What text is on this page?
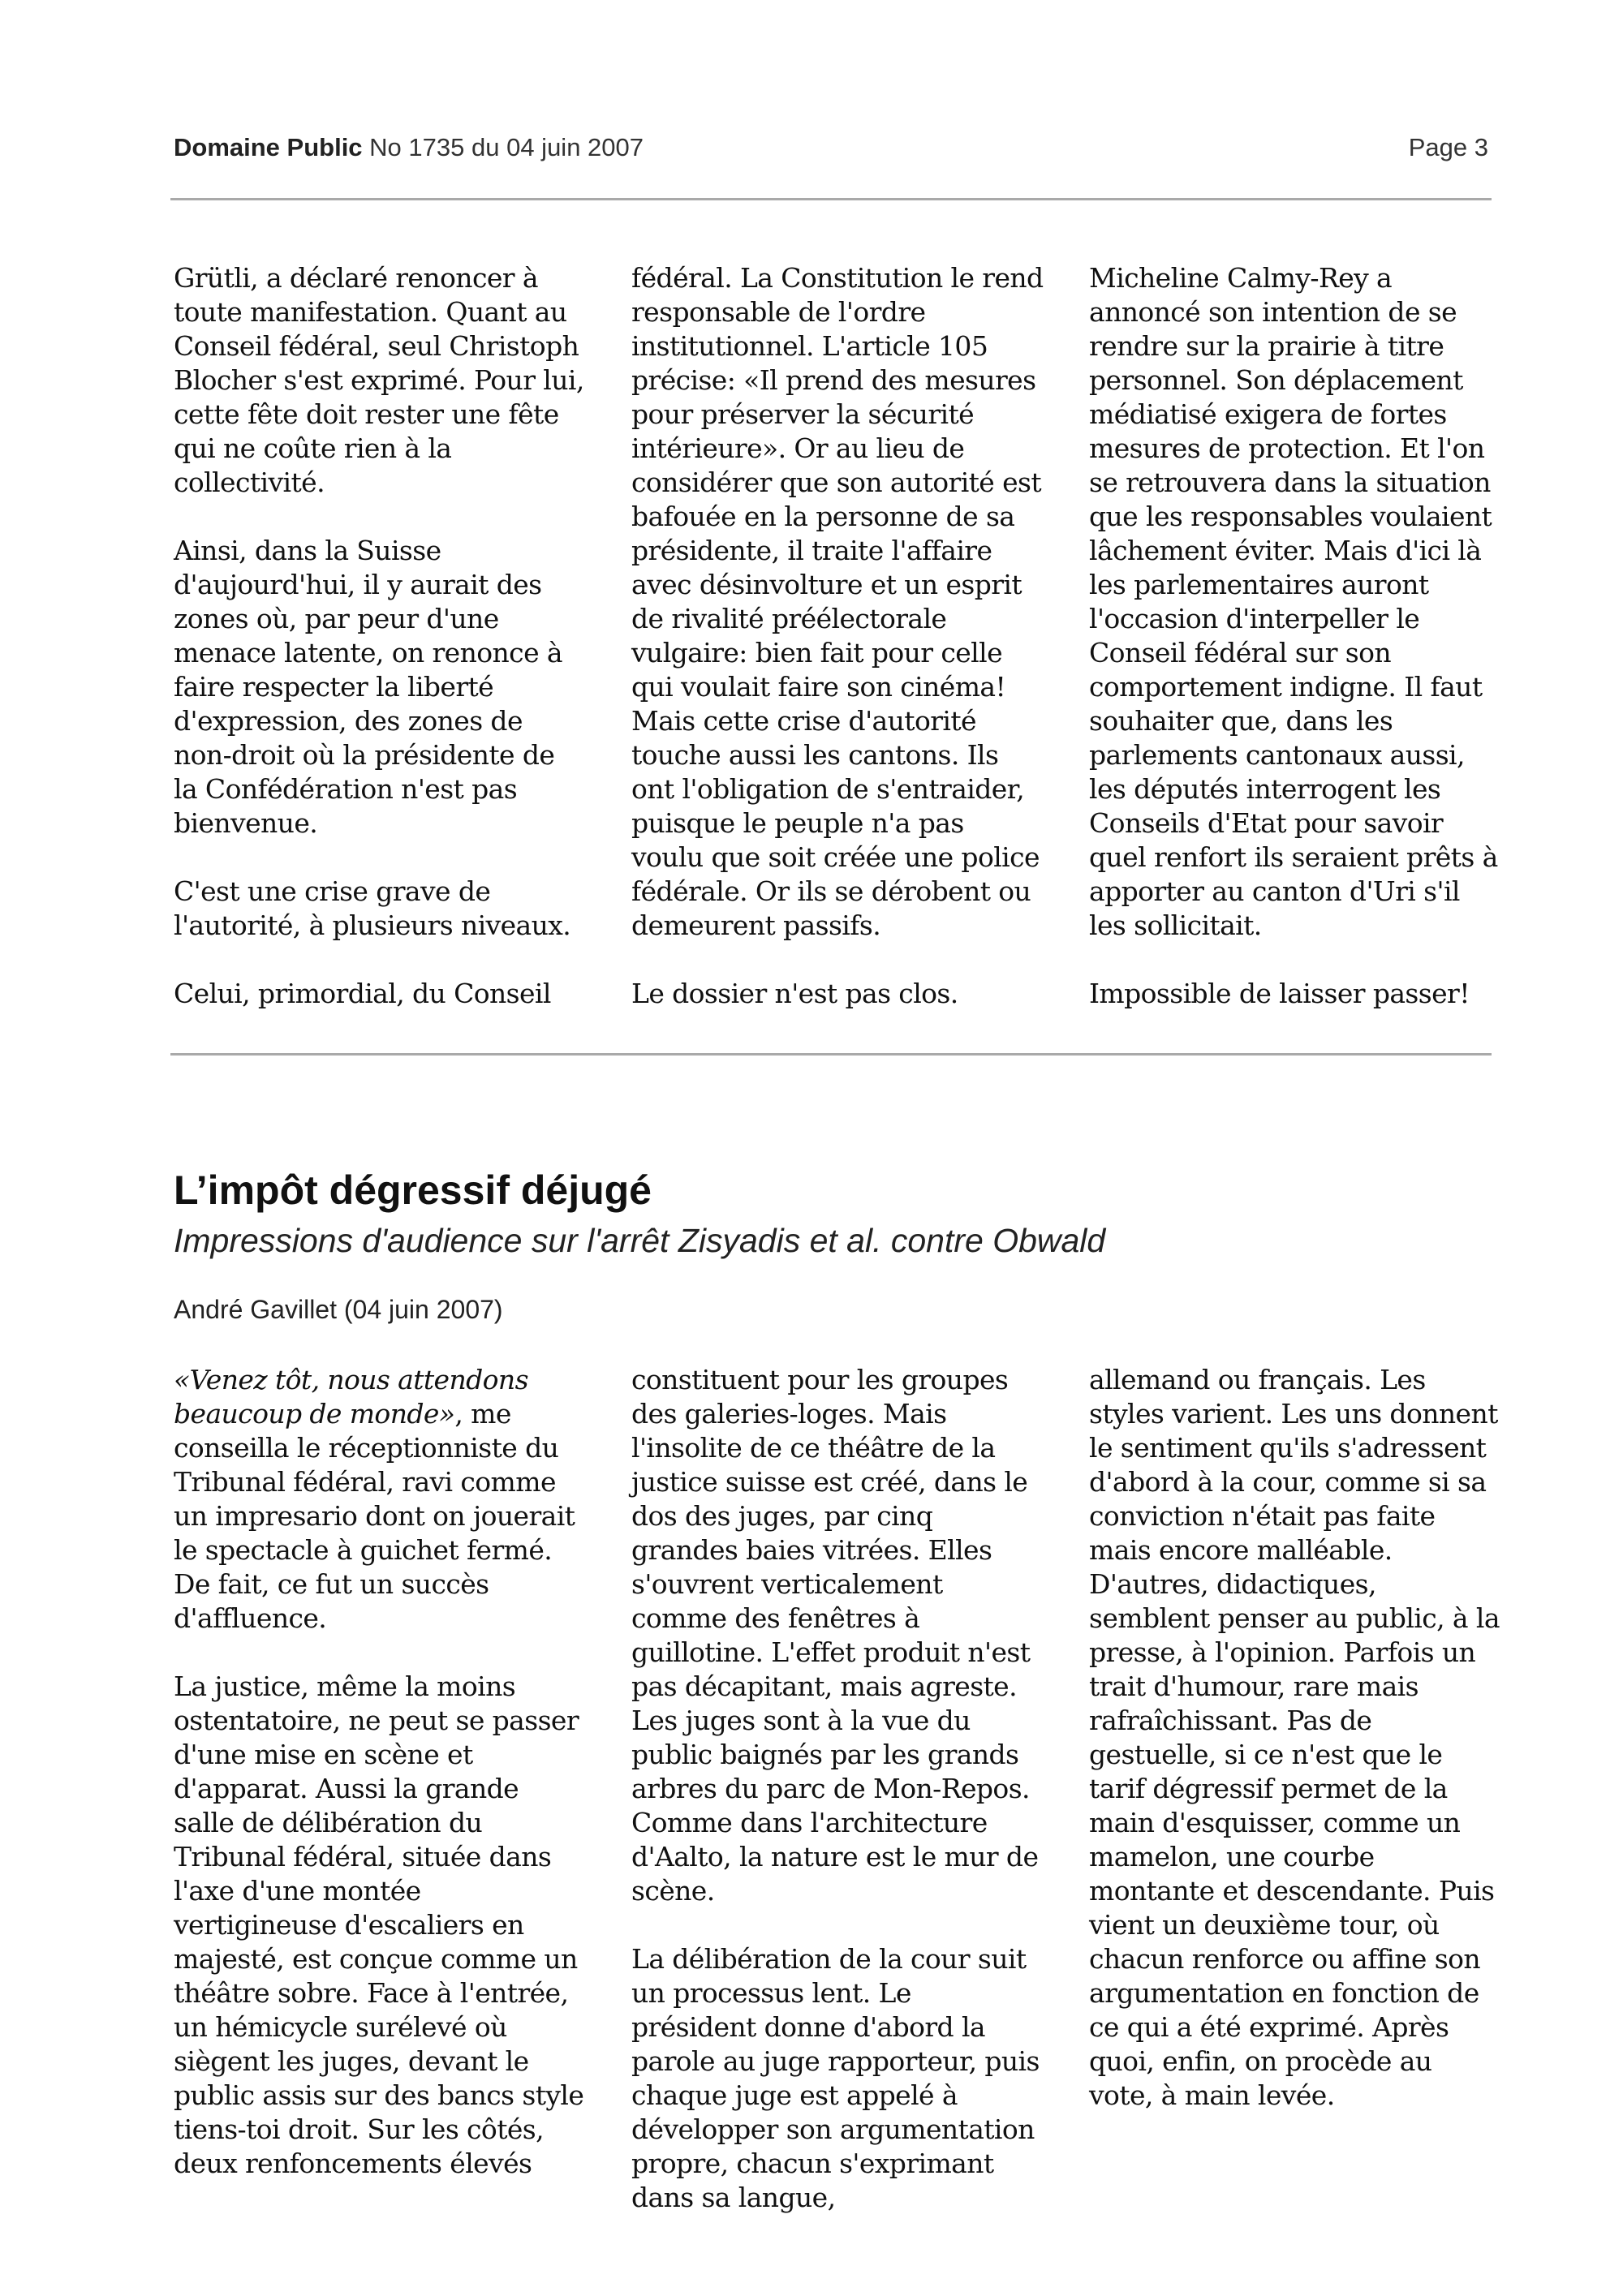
Domaine Public No 1735 du 04 juin 2007	Page 3

Grütli, a déclaré renoncer à toute manifestation. Quant au Conseil fédéral, seul Christoph Blocher s'est exprimé. Pour lui, cette fête doit rester une fête qui ne coûte rien à la collectivité.

Ainsi, dans la Suisse d'aujourd'hui, il y aurait des zones où, par peur d'une menace latente, on renonce à faire respecter la liberté d'expression, des zones de non-droit où la présidente de la Confédération n'est pas bienvenue.

C'est une crise grave de l'autorité, à plusieurs niveaux.

Celui, primordial, du Conseil

fédéral. La Constitution le rend responsable de l'ordre institutionnel. L'article 105 précise: «Il prend des mesures pour préserver la sécurité intérieure». Or au lieu de considérer que son autorité est bafouée en la personne de sa présidente, il traite l'affaire avec désinvolture et un esprit de rivalité préélectorale vulgaire: bien fait pour celle qui voulait faire son cinéma! Mais cette crise d'autorité touche aussi les cantons. Ils ont l'obligation de s'entraider, puisque le peuple n'a pas voulu que soit créée une police fédérale. Or ils se dérobent ou demeurent passifs.

Le dossier n'est pas clos.

Micheline Calmy-Rey a annoncé son intention de se rendre sur la prairie à titre personnel. Son déplacement médiatisé exigera de fortes mesures de protection. Et l'on se retrouvera dans la situation que les responsables voulaient lâchement éviter. Mais d'ici là les parlementaires auront l'occasion d'interpeller le Conseil fédéral sur son comportement indigne. Il faut souhaiter que, dans les parlements cantonaux aussi, les députés interrogent les Conseils d'Etat pour savoir quel renfort ils seraient prêts à apporter au canton d'Uri s'il les sollicitait.

Impossible de laisser passer!

L’impôt dégressif déjugé
Impressions d'audience sur l'arrêt Zisyadis et al. contre Obwald
André Gavillet (04 juin 2007)

«Venez tôt, nous attendons beaucoup de monde», me conseilla le réceptionniste du Tribunal fédéral, ravi comme un impresario dont on jouerait le spectacle à guichet fermé. De fait, ce fut un succès d'affluence.

La justice, même la moins ostentatoire, ne peut se passer d'une mise en scène et d'apparat. Aussi la grande salle de délibération du Tribunal fédéral, située dans l'axe d'une montée vertigineuse d'escaliers en majesté, est conçue comme un théâtre sobre. Face à l'entrée, un hémicycle surélevé où siègent les juges, devant le public assis sur des bancs style tiens-toi droit. Sur les côtés, deux renfoncements élevés

constituent pour les groupes des galeries-loges. Mais l'insolite de ce théâtre de la justice suisse est créé, dans le dos des juges, par cinq grandes baies vitrées. Elles s'ouvrent verticalement comme des fenêtres à guillotine. L'effet produit n'est pas décapitant, mais agreste. Les juges sont à la vue du public baignés par les grands arbres du parc de Mon-Repos. Comme dans l'architecture d'Aalto, la nature est le mur de scène.

La délibération de la cour suit un processus lent. Le président donne d'abord la parole au juge rapporteur, puis chaque juge est appelé à développer son argumentation propre, chacun s'exprimant dans sa langue,

allemand ou français. Les styles varient. Les uns donnent le sentiment qu'ils s'adressent d'abord à la cour, comme si sa conviction n'était pas faite mais encore malléable. D'autres, didactiques, semblent penser au public, à la presse, à l'opinion. Parfois un trait d'humour, rare mais rafraîchissant. Pas de gestuelle, si ce n'est que le tarif dégressif permet de la main d'esquisser, comme un mamelon, une courbe montante et descendante. Puis vient un deuxième tour, où chacun renforce ou affine son argumentation en fonction de ce qui a été exprimé. Après quoi, enfin, on procède au vote, à main levée.
